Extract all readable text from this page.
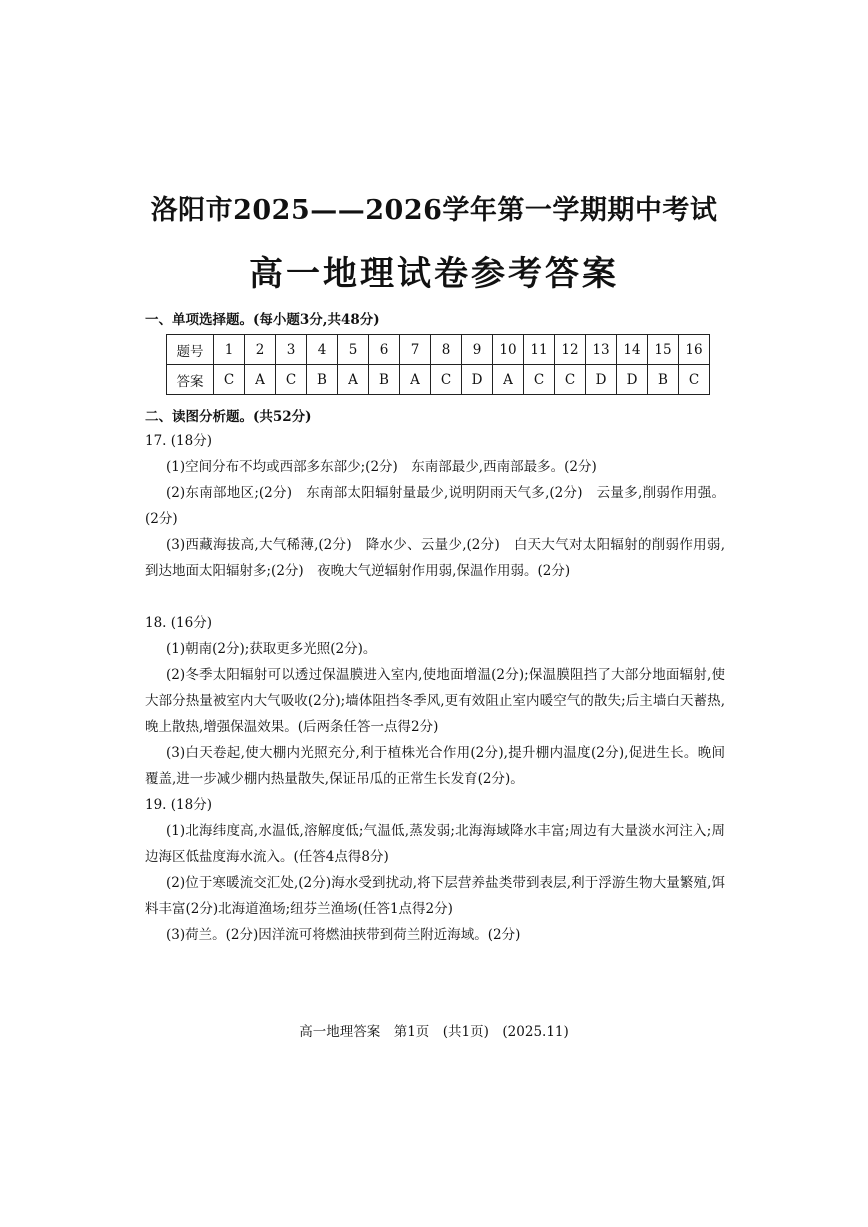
洛阳市2025——2026学年第一学期期中考试
高一地理试卷参考答案
一、单项选择题。(每小题3分,共48分)
题号	1	2	3	4	5	6	7	8	9	10	11	12	13	14	15	16
答案	C	A	C	B	A	B	A	C	D	A	C	C	D	D	B	C
二、读图分析题。(共52分)
17. (18分)
(1)空间分布不均或西部多东部少;(2分)　东南部最少,西南部最多。(2分)
(2)东南部地区;(2分)　东南部太阳辐射量最少,说明阴雨天气多,(2分)　云量多,削弱作用强。(2分)
(3)西藏海拔高,大气稀薄,(2分)　降水少、云量少,(2分)　白天大气对太阳辐射的削弱作用弱,到达地面太阳辐射多;(2分)　夜晚大气逆辐射作用弱,保温作用弱。(2分)
18. (16分)
(1)朝南(2分);获取更多光照(2分)。
(2)冬季太阳辐射可以透过保温膜进入室内,使地面增温(2分);保温膜阻挡了大部分地面辐射,使大部分热量被室内大气吸收(2分);墙体阻挡冬季风,更有效阻止室内暖空气的散失;后主墙白天蓄热,晚上散热,增强保温效果。(后两条任答一点得2分)
(3)白天卷起,使大棚内光照充分,利于植株光合作用(2分),提升棚内温度(2分),促进生长。晚间覆盖,进一步减少棚内热量散失,保证吊瓜的正常生长发育(2分)。
19. (18分)
(1)北海纬度高,水温低,溶解度低;气温低,蒸发弱;北海海域降水丰富;周边有大量淡水河注入;周边海区低盐度海水流入。(任答4点得8分)
(2)位于寒暖流交汇处,(2分)海水受到扰动,将下层营养盐类带到表层,利于浮游生物大量繁殖,饵料丰富(2分)北海道渔场;纽芬兰渔场(任答1点得2分)
(3)荷兰。(2分)因洋流可将燃油挟带到荷兰附近海域。(2分)
高一地理答案　第1页　(共1页)　(2025.11)
